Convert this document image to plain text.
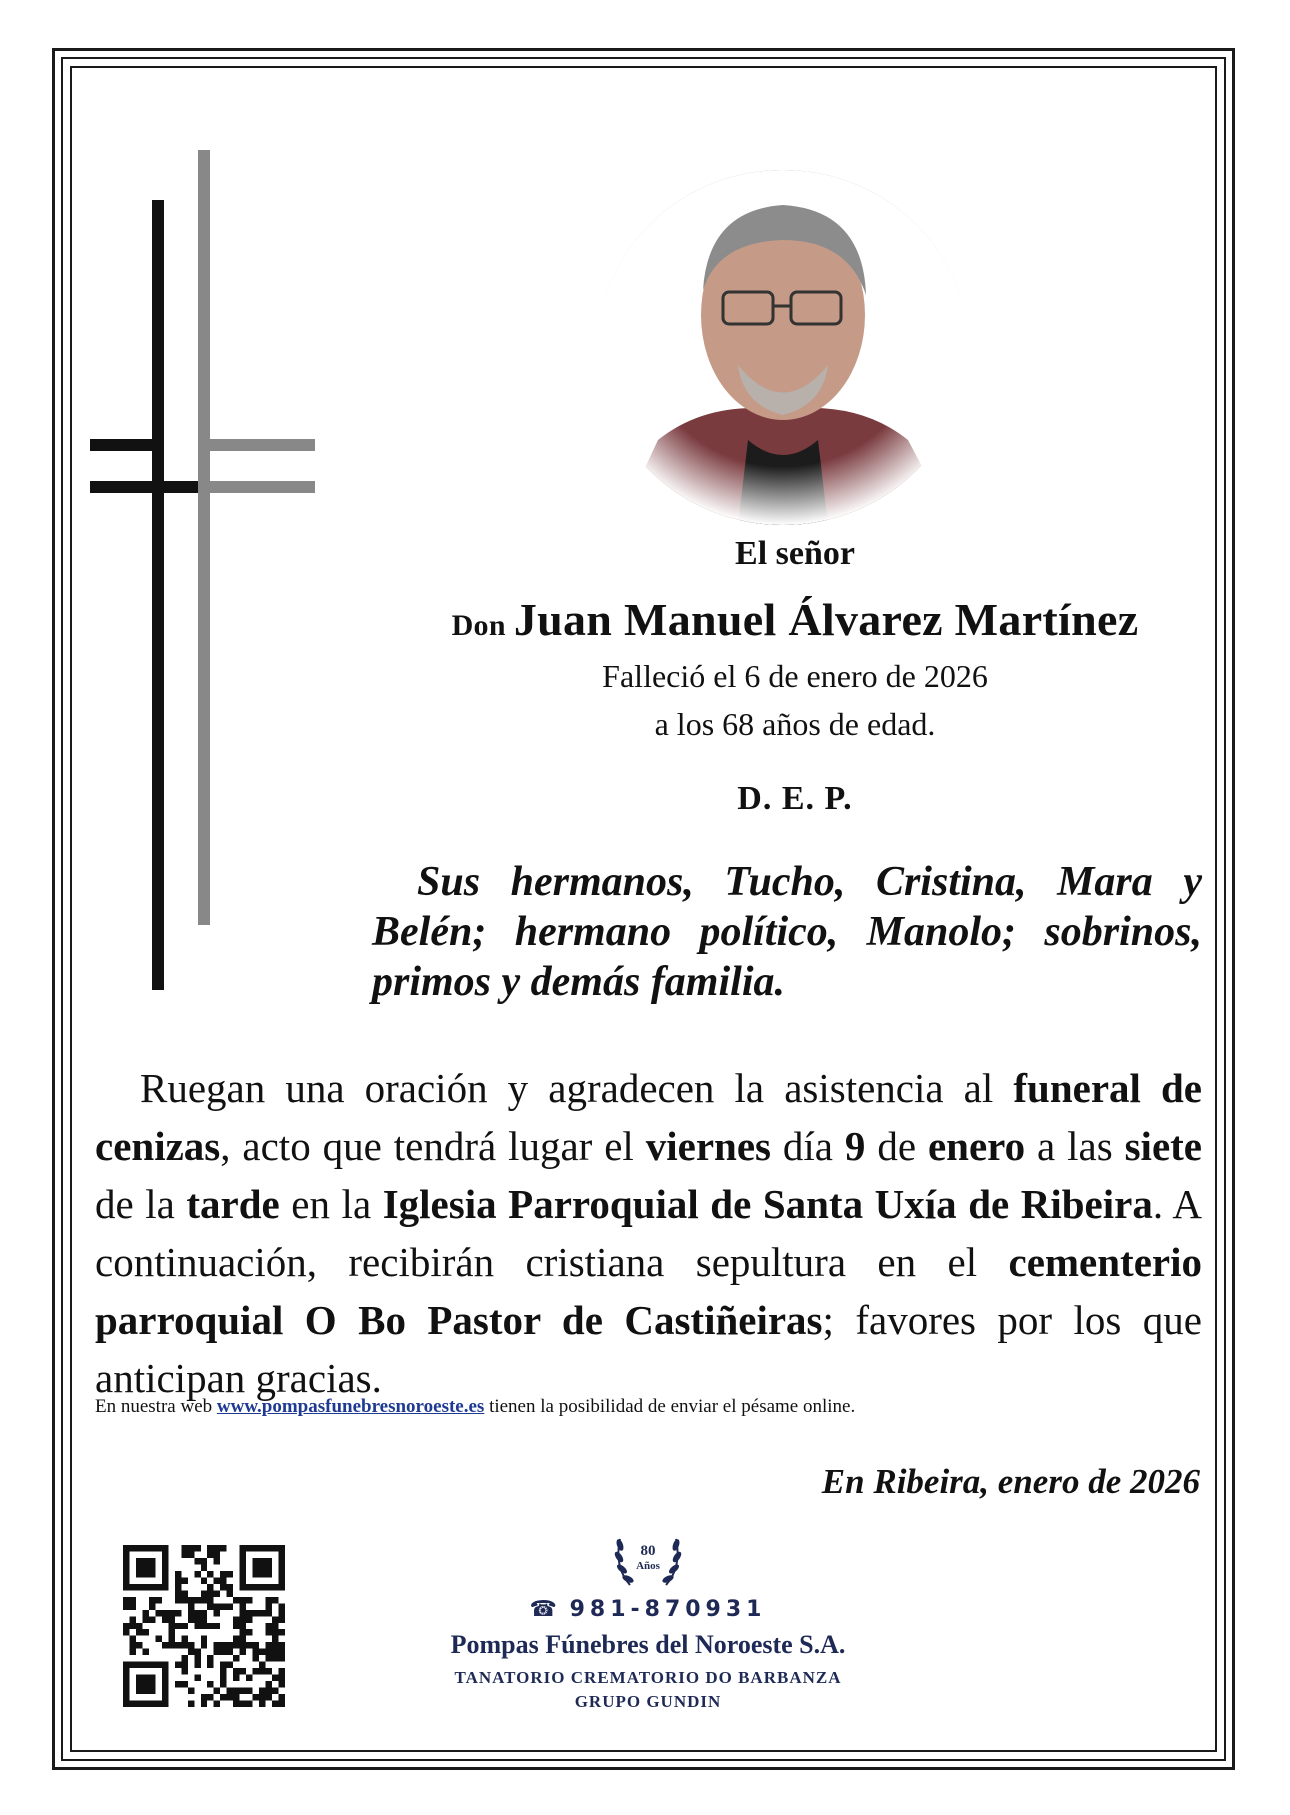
El señor
Don Juan Manuel Álvarez Martínez
Falleció el 6 de enero de 2026
a los 68 años de edad.
D. E. P.
Sus hermanos, Tucho, Cristina, Mara y Belén; hermano político, Manolo; sobrinos, primos y demás familia.
Ruegan una oración y agradecen la asistencia al funeral de cenizas, acto que tendrá lugar el viernes día 9 de enero a las siete de la tarde en la Iglesia Parroquial de Santa Uxía de Ribeira. A continuación, recibirán cristiana sepultura en el cementerio parroquial O Bo Pastor de Castiñeiras; favores por los que anticipan gracias.
En nuestra web www.pompasfunebresnoroeste.es tienen la posibilidad de enviar el pésame online.
En Ribeira, enero de 2026
80
Años
☎ 981-870931
Pompas Fúnebres del Noroeste S.A.
TANATORIO CREMATORIO DO BARBANZA
GRUPO GUNDIN
